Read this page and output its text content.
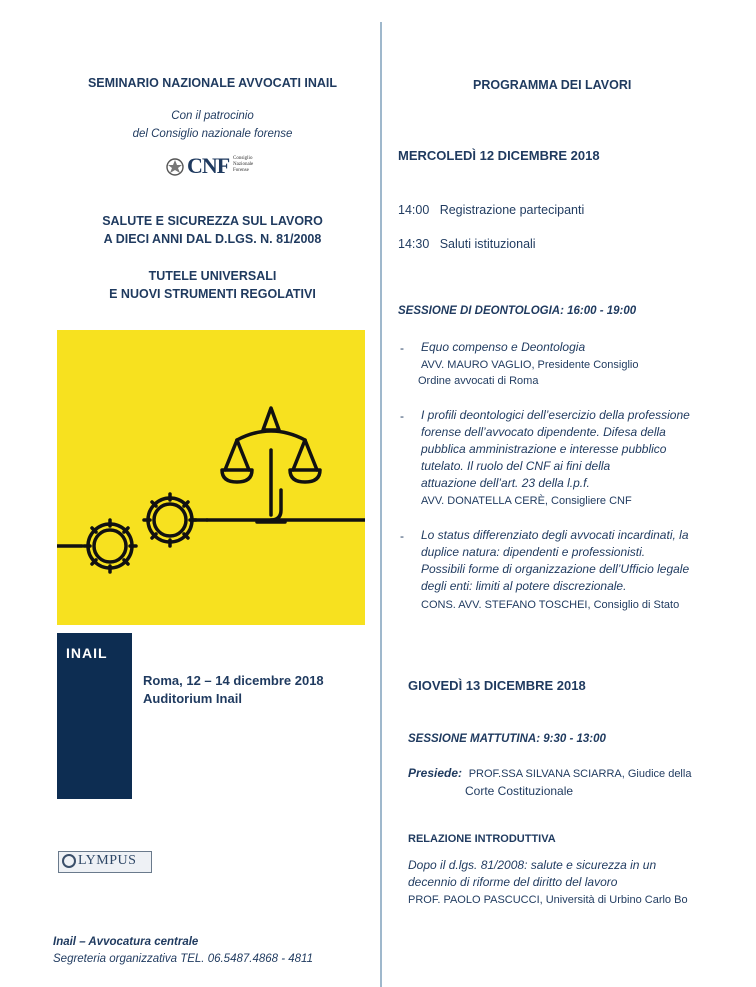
SEMINARIO NAZIONALE AVVOCATI INAIL
Con il patrocinio
del Consiglio nazionale forense
CNF Consiglio
Nazionale
Forense
SALUTE E SICUREZZA SUL LAVORO
A DIECI ANNI DAL D.LGS. N. 81/2008
TUTELE UNIVERSALI
E NUOVI STRUMENTI REGOLATIVI
INAIL
Roma, 12 – 14 dicembre 2018
Auditorium Inail
LYMPUS
Inail – Avvocatura centrale
Segreteria organizzativa TEL. 06.5487.4868 - 4811
PROGRAMMA DEI LAVORI
MERCOLEDÌ 12 DICEMBRE 2018
14:00 Registrazione partecipanti
14:30 Saluti istituzionali
SESSIONE DI DEONTOLOGIA: 16:00 - 19:00
- Equo compenso e Deontologia
AVV. MAURO VAGLIO, Presidente Consiglio
Ordine avvocati di Roma
- I profili deontologici dell’esercizio della professione
forense dell’avvocato dipendente. Difesa della
pubblica amministrazione e interesse pubblico
tutelato. Il ruolo del CNF ai fini della
attuazione dell’art. 23 della l.p.f.
AVV. DONATELLA CERÈ, Consigliere CNF
- Lo status differenziato degli avvocati incardinati, la
duplice natura: dipendenti e professionisti.
Possibili forme di organizzazione dell’Ufficio legale
degli enti: limiti al potere discrezionale.
CONS. AVV. STEFANO TOSCHEI, Consiglio di Stato
GIOVEDÌ 13 DICEMBRE 2018
SESSIONE MATTUTINA: 9:30 - 13:00
Presiede: PROF.SSA SILVANA SCIARRA, Giudice della
Corte Costituzionale
RELAZIONE INTRODUTTIVA
Dopo il d.lgs. 81/2008: salute e sicurezza in un
decennio di riforme del diritto del lavoro
PROF. PAOLO PASCUCCI, Università di Urbino Carlo Bo
